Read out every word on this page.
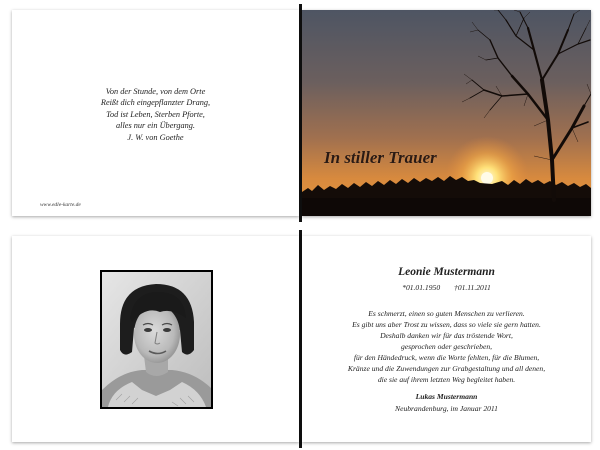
Von der Stunde, von dem Orte
Reißt dich eingepflanzter Drang,
Tod ist Leben, Sterben Pforte,
alles nur ein Übergang.
J. W. von Goethe
www.edle-karte.de
In stiller Trauer
Leonie Mustermann
*01.01.1950 †01.11.2011
Es schmerzt, einen so guten Menschen zu verlieren.
Es gibt uns aber Trost zu wissen, dass so viele sie gern hatten.
Deshalb danken wir für das tröstende Wort,
gesprochen oder geschrieben,
für den Händedruck, wenn die Worte fehlten, für die Blumen,
Kränze und die Zuwendungen zur Grabgestaltung und all denen,
die sie auf ihrem letzten Weg begleitet haben.
Lukas Mustermann
Neubrandenburg, im Januar 2011
